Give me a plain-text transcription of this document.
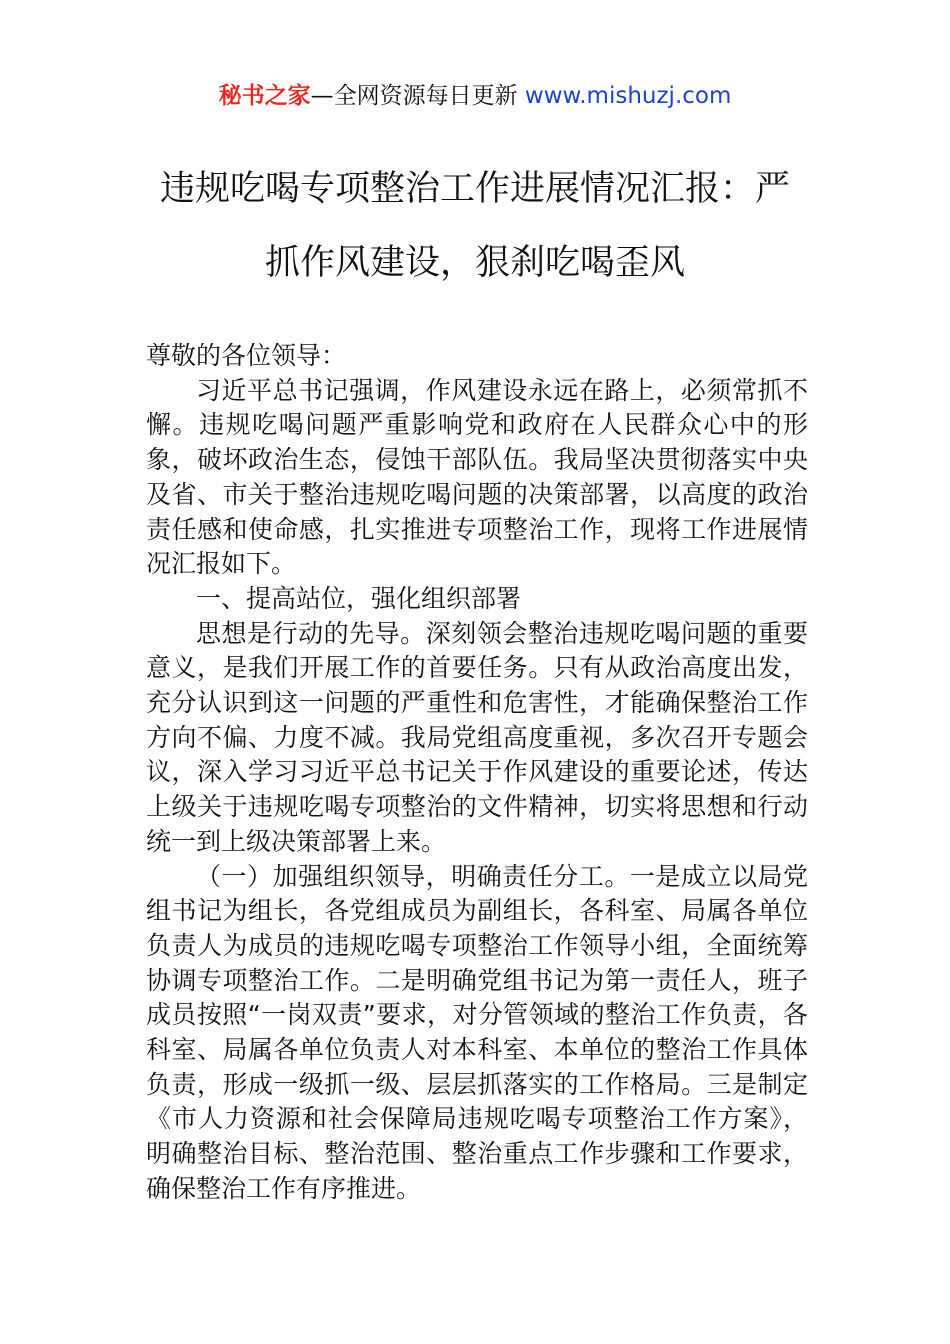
秘书之家—全网资源每日更新 www.mishuzj.com
违规吃喝专项整治工作进展情况汇报：严
抓作风建设，狠刹吃喝歪风

尊敬的各位领导：

习近平总书记强调，作风建设永远在路上，必须常抓不懈。违规吃喝问题严重影响党和政府在人民群众心中的形象，破坏政治生态，侵蚀干部队伍。我局坚决贯彻落实中央及省、市关于整治违规吃喝问题的决策部署，以高度的政治责任感和使命感，扎实推进专项整治工作，现将工作进展情况汇报如下。

一、提高站位，强化组织部署

思想是行动的先导。深刻领会整治违规吃喝问题的重要意义，是我们开展工作的首要任务。只有从政治高度出发，充分认识到这一问题的严重性和危害性，才能确保整治工作方向不偏、力度不减。我局党组高度重视，多次召开专题会议，深入学习习近平总书记关于作风建设的重要论述，传达上级关于违规吃喝专项整治的文件精神，切实将思想和行动统一到上级决策部署上来。

（一）加强组织领导，明确责任分工。一是成立以局党组书记为组长，各党组成员为副组长，各科室、局属各单位负责人为成员的违规吃喝专项整治工作领导小组，全面统筹协调专项整治工作。二是明确党组书记为第一责任人，班子成员按照“一岗双责”要求，对分管领域的整治工作负责，各科室、局属各单位负责人对本科室、本单位的整治工作具体负责，形成一级抓一级、层层抓落实的工作格局。三是制定《市人力资源和社会保障局违规吃喝专项整治工作方案》，明确整治目标、整治范围、整治重点工作步骤和工作要求，确保整治工作有序推进。
